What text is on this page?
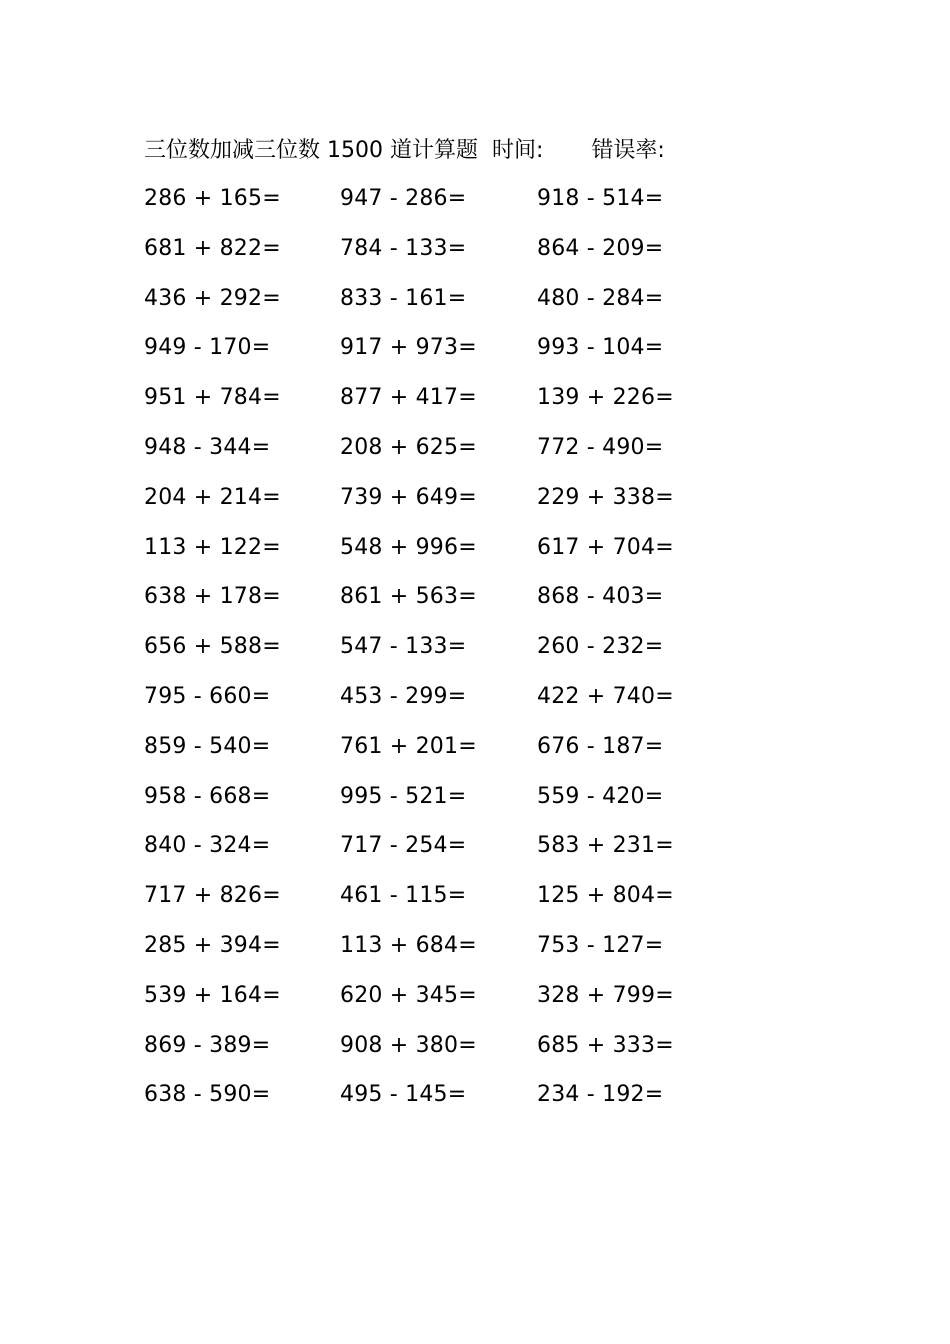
三位数加减三位数 1500 道计算题 时间: 错误率:
286 + 165=	947 - 286=	918 - 514=
681 + 822=	784 - 133=	864 - 209=
436 + 292=	833 - 161=	480 - 284=
949 - 170=	917 + 973=	993 - 104=
951 + 784=	877 + 417=	139 + 226=
948 - 344=	208 + 625=	772 - 490=
204 + 214=	739 + 649=	229 + 338=
113 + 122=	548 + 996=	617 + 704=
638 + 178=	861 + 563=	868 - 403=
656 + 588=	547 - 133=	260 - 232=
795 - 660=	453 - 299=	422 + 740=
859 - 540=	761 + 201=	676 - 187=
958 - 668=	995 - 521=	559 - 420=
840 - 324=	717 - 254=	583 + 231=
717 + 826=	461 - 115=	125 + 804=
285 + 394=	113 + 684=	753 - 127=
539 + 164=	620 + 345=	328 + 799=
869 - 389=	908 + 380=	685 + 333=
638 - 590=	495 - 145=	234 - 192=
